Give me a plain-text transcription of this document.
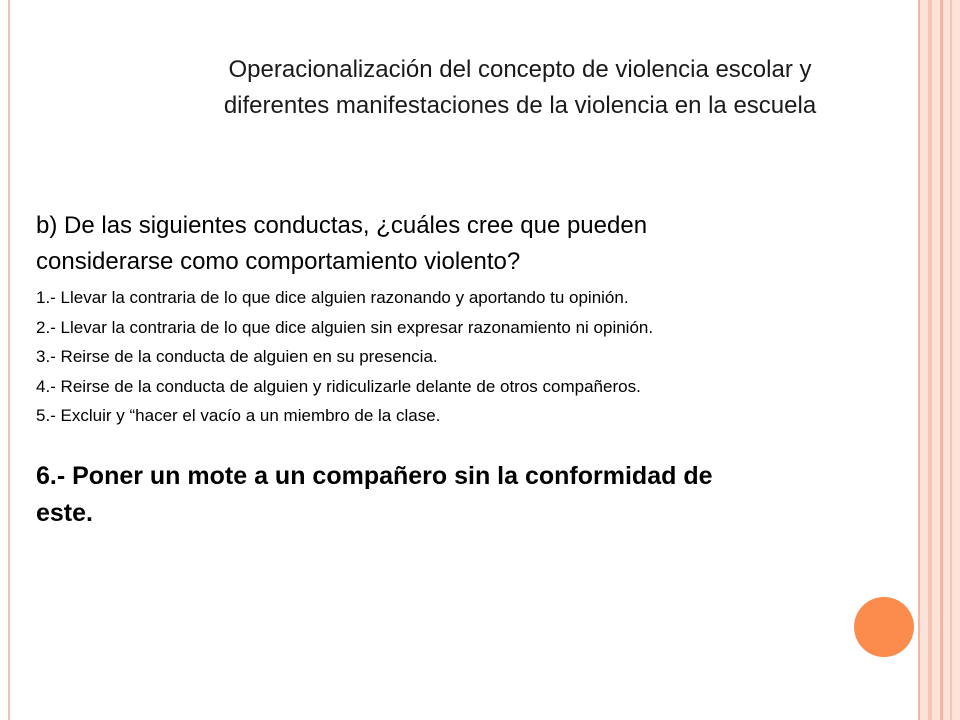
Operacionalización del concepto de violencia escolar y
diferentes manifestaciones de la violencia en la escuela
b) De las siguientes conductas, ¿cuáles cree que pueden
considerarse como comportamiento violento?
1.- Llevar la contraria de lo que dice alguien razonando y aportando tu opinión.
2.- Llevar la contraria de lo que dice alguien sin expresar razonamiento ni opinión.
3.- Reirse de la conducta de alguien en su presencia.
4.- Reirse de la conducta de alguien y ridiculizarle delante de otros compañeros.
5.- Excluir y “hacer el vacío a un miembro de la clase.
6.- Poner un mote a un compañero sin la conformidad de
este.
